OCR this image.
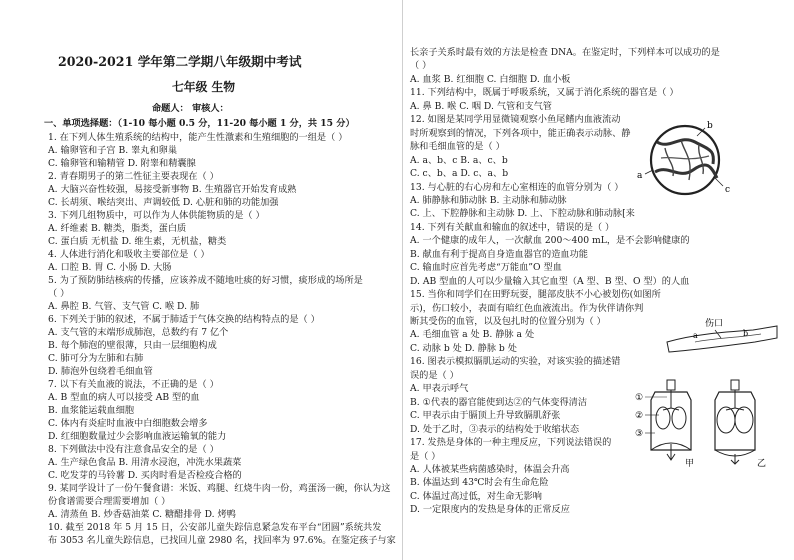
2020-2021 学年第二学期八年级期中考试
七年级 生物
命题人： 审核人：
一、单项选择题：（1-10 每小题 0.5 分，11-20 每小题 1 分，共 15 分）
1. 在下列人体生殖系统的结构中，能产生性激素和生殖细胞的一组是（ ）
A. 输卵管和子宫 B. 睾丸和卵巢
C. 输卵管和输精管 D. 附睾和精囊腺
2. 青春期男子的第二性征主要表现在（ ）
A. 大脑兴奋性较强，易接受新事物 B. 生殖器官开始发育成熟
C. 长胡须、喉结突出、声调较低 D. 心脏和肺的功能加强
3. 下列几组物质中，可以作为人体供能物质的是（ ）
A. 纤维素 B. 糖类，脂类，蛋白质
C. 蛋白质 无机盐 D. 维生素，无机盐，糖类
4. 人体进行消化和吸收主要部位是（ ）
A. 口腔 B. 胃 C. 小肠 D. 大肠
5. 为了预防肺结核病的传播，应该养成不随地吐痰的好习惯，痰形成的场所是
（ ）
A. 鼻腔 B. 气管、支气管 C. 喉 D. 肺
6. 下列关于肺的叙述，不属于肺适于气体交换的结构特点的是（ ）
A. 支气管的末端形成肺泡，总数约有 7 亿个
B. 每个肺泡的壁很薄，只由一层细胞构成
C. 肺可分为左肺和右肺
D. 肺泡外包绕着毛细血管
7. 以下有关血液的说法，不正确的是（ ）
A. B 型血的病人可以接受 AB 型的血
B. 血浆能运载血细胞
C. 体内有炎症时血液中白细胞数会增多
D. 红细胞数量过少会影响血液运输氧的能力
8. 下列做法中没有注意食品安全的是（ ）
A. 生产绿色食品 B. 用清水浸泡，冲洗水果蔬菜
C. 吃发芽的马铃薯 D. 买肉时看是否检疫合格的
9. 某同学设计了一份午餐食谱：米饭、鸡腿、红烧牛肉一份，鸡蛋汤一碗，你认为这
份食谱需要合理需要增加（ ）
A. 清蒸鱼 B. 炒香菇油菜 C. 糖醋排骨 D. 烤鸭
10. 截至 2018 年 5 月 15 日，公安部儿童失踪信息紧急发布平台“团圆”系统共发
布 3053 名儿童失踪信息，已找回儿童 2980 名，找回率为 97.6%。在鉴定孩子与家
长亲子关系时最有效的方法是检查 DNA。在鉴定时，下列样本可以成功的是
（ ）
A. 血浆 B. 红细胞 C. 白细胞 D. 血小板
11. 下列结构中，既属于呼吸系统，又属于消化系统的器官是（ ）
A. 鼻 B. 喉 C. 咽 D. 气管和支气管
12. 如图是某同学用显微镜观察小鱼尾鳍内血液流动
时所观察到的情况，下列各项中，能正确表示动脉、静
脉和毛细血管的是（ ）
A. a、b、c B. a、c、b
C. c、b、a D. c、a、b
13. 与心脏的右心房和左心室相连的血管分别为（ ）
A. 肺静脉和肺动脉 B. 主动脉和肺动脉
C. 上、下腔静脉和主动脉 D. 上、下腔动脉和肺动脉[来
14. 下列有关献血和输血的叙述中，错误的是（ ）
A. 一个健康的成年人，一次献血 200～400 mL，是不会影响健康的
B. 献血有利于提高自身造血器官的造血功能
C. 输血时应首先考虑“万能血”O 型血
D. AB 型血的人可以少量输入其它血型（A 型、B 型、O 型）的人血
15. 当你和同学们在田野玩耍，腿部皮肤不小心被划伤(如图所
示)，伤口较小，表面有暗红色血液流出。作为伙伴请你判
断其受伤的血管，以及包扎时的位置分别为（ ）
A. 毛细血管 a 处 B. 静脉 a 处
C. 动脉 b 处 D. 静脉 b 处
16. 图表示模拟膈肌运动的实验，对该实验的描述错
误的是（ ）
A. 甲表示呼气
B. ①代表的器官能使到达②的气体变得清洁
C. 甲表示由于膈顶上升导致膈肌舒张
D. 处于乙时，③表示的结构处于收缩状态
17. 发热是身体的一种主理反应，下列说法错误的
是（ ）
A. 人体被某些病菌感染时，体温会升高
B. 体温达到 43℃时会有生命危险
C. 体温过高过低，对生命无影响
D. 一定限度内的发热是身体的正常反应
b
a
c
伤口
a	b
①
②
③
甲	乙
